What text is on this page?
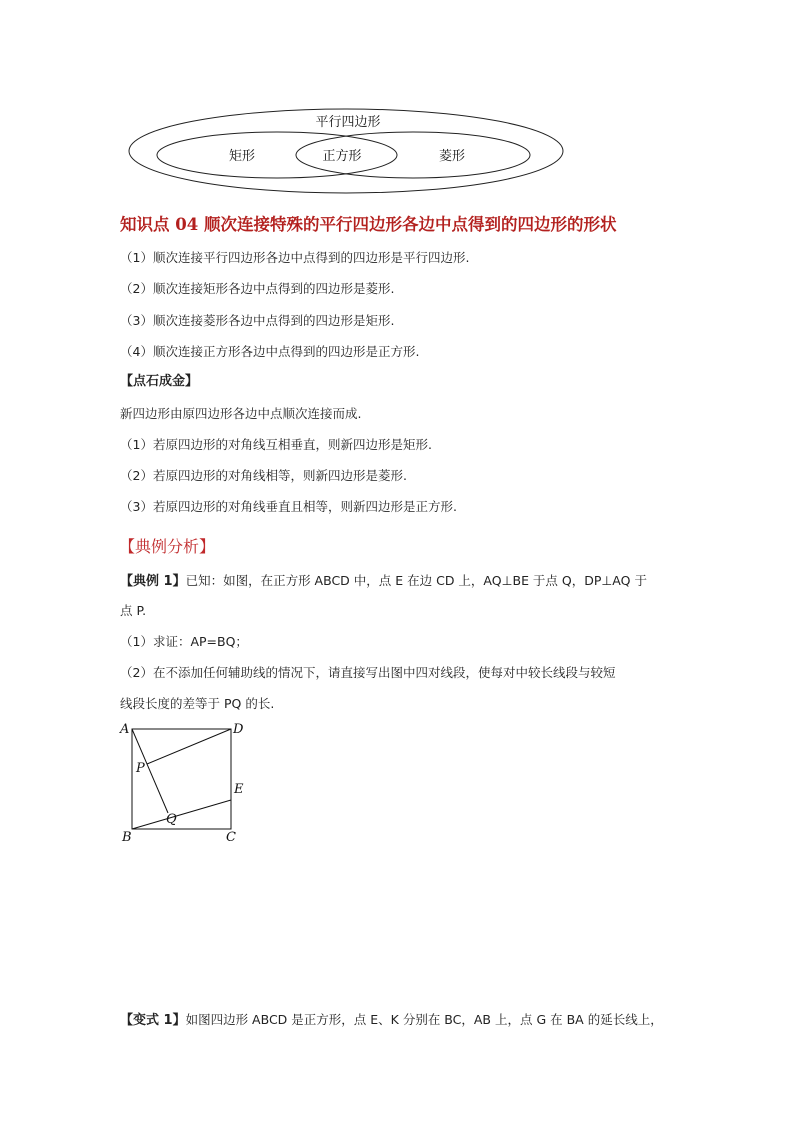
平行四边形
矩形	正方形	菱形
知识点 04 顺次连接特殊的平行四边形各边中点得到的四边形的形状
（1）顺次连接平行四边形各边中点得到的四边形是平行四边形.
（2）顺次连接矩形各边中点得到的四边形是菱形.
（3）顺次连接菱形各边中点得到的四边形是矩形.
（4）顺次连接正方形各边中点得到的四边形是正方形.
【点石成金】
新四边形由原四边形各边中点顺次连接而成.
（1）若原四边形的对角线互相垂直，则新四边形是矩形.
（2）若原四边形的对角线相等，则新四边形是菱形.
（3）若原四边形的对角线垂直且相等，则新四边形是正方形.
【典例分析】
【典例 1】已知：如图，在正方形 ABCD 中，点 E 在边 CD 上，AQ⊥BE 于点 Q，DP⊥AQ 于
点 P.
（1）求证：AP=BQ；
（2）在不添加任何辅助线的情况下，请直接写出图中四对线段，使每对中较长线段与较短
线段长度的差等于 PQ 的长.
A	D
P
E
Q
B	C
【变式 1】如图四边形 ABCD 是正方形，点 E、K 分别在 BC，AB 上，点 G 在 BA 的延长线上，
